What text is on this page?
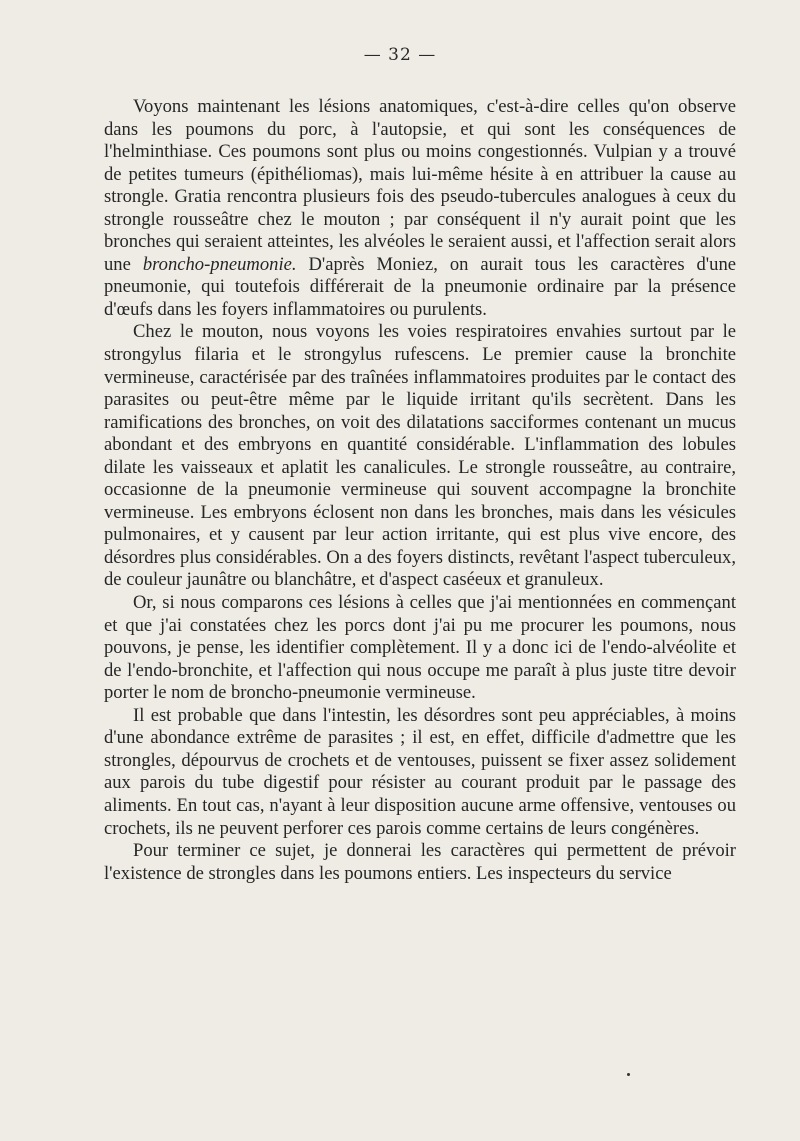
— 32 —

Voyons maintenant les lésions anatomiques, c'est-à-dire celles qu'on observe dans les poumons du porc, à l'autopsie, et qui sont les conséquences de l'helminthiase. Ces poumons sont plus ou moins congestionnés. Vulpian y a trouvé de petites tumeurs (épithéliomas), mais lui-même hésite à en attribuer la cause au strongle. Gratia rencontra plusieurs fois des pseudo-tubercules analogues à ceux du strongle rousseâtre chez le mouton ; par conséquent il n'y aurait point que les bronches qui seraient atteintes, les alvéoles le seraient aussi, et l'affection serait alors une broncho-pneumonie. D'après Moniez, on aurait tous les caractères d'une pneumonie, qui toutefois différerait de la pneumonie ordinaire par la présence d'œufs dans les foyers inflammatoires ou purulents.

Chez le mouton, nous voyons les voies respiratoires envahies surtout par le strongylus filaria et le strongylus rufescens. Le premier cause la bronchite vermineuse, caractérisée par des traînées inflammatoires produites par le contact des parasites ou peut-être même par le liquide irritant qu'ils secrètent. Dans les ramifications des bronches, on voit des dilatations sacciformes contenant un mucus abondant et des embryons en quantité considérable. L'inflammation des lobules dilate les vaisseaux et aplatit les canalicules. Le strongle rousseâtre, au contraire, occasionne de la pneumonie vermineuse qui souvent accompagne la bronchite vermineuse. Les embryons éclosent non dans les bronches, mais dans les vésicules pulmonaires, et y causent par leur action irritante, qui est plus vive encore, des désordres plus considérables. On a des foyers distincts, revêtant l'aspect tuberculeux, de couleur jaunâtre ou blanchâtre, et d'aspect caséeux et granuleux.

Or, si nous comparons ces lésions à celles que j'ai mentionnées en commençant et que j'ai constatées chez les porcs dont j'ai pu me procurer les poumons, nous pouvons, je pense, les identifier complètement. Il y a donc ici de l'endo-alvéolite et de l'endo-bronchite, et l'affection qui nous occupe me paraît à plus juste titre devoir porter le nom de broncho-pneumonie vermineuse.

Il est probable que dans l'intestin, les désordres sont peu appréciables, à moins d'une abondance extrême de parasites ; il est, en effet, difficile d'admettre que les strongles, dépourvus de crochets et de ventouses, puissent se fixer assez solidement aux parois du tube digestif pour résister au courant produit par le passage des aliments. En tout cas, n'ayant à leur disposition aucune arme offensive, ventouses ou crochets, ils ne peuvent perforer ces parois comme certains de leurs congénères.

Pour terminer ce sujet, je donnerai les caractères qui permettent de prévoir l'existence de strongles dans les poumons entiers. Les inspecteurs du service
